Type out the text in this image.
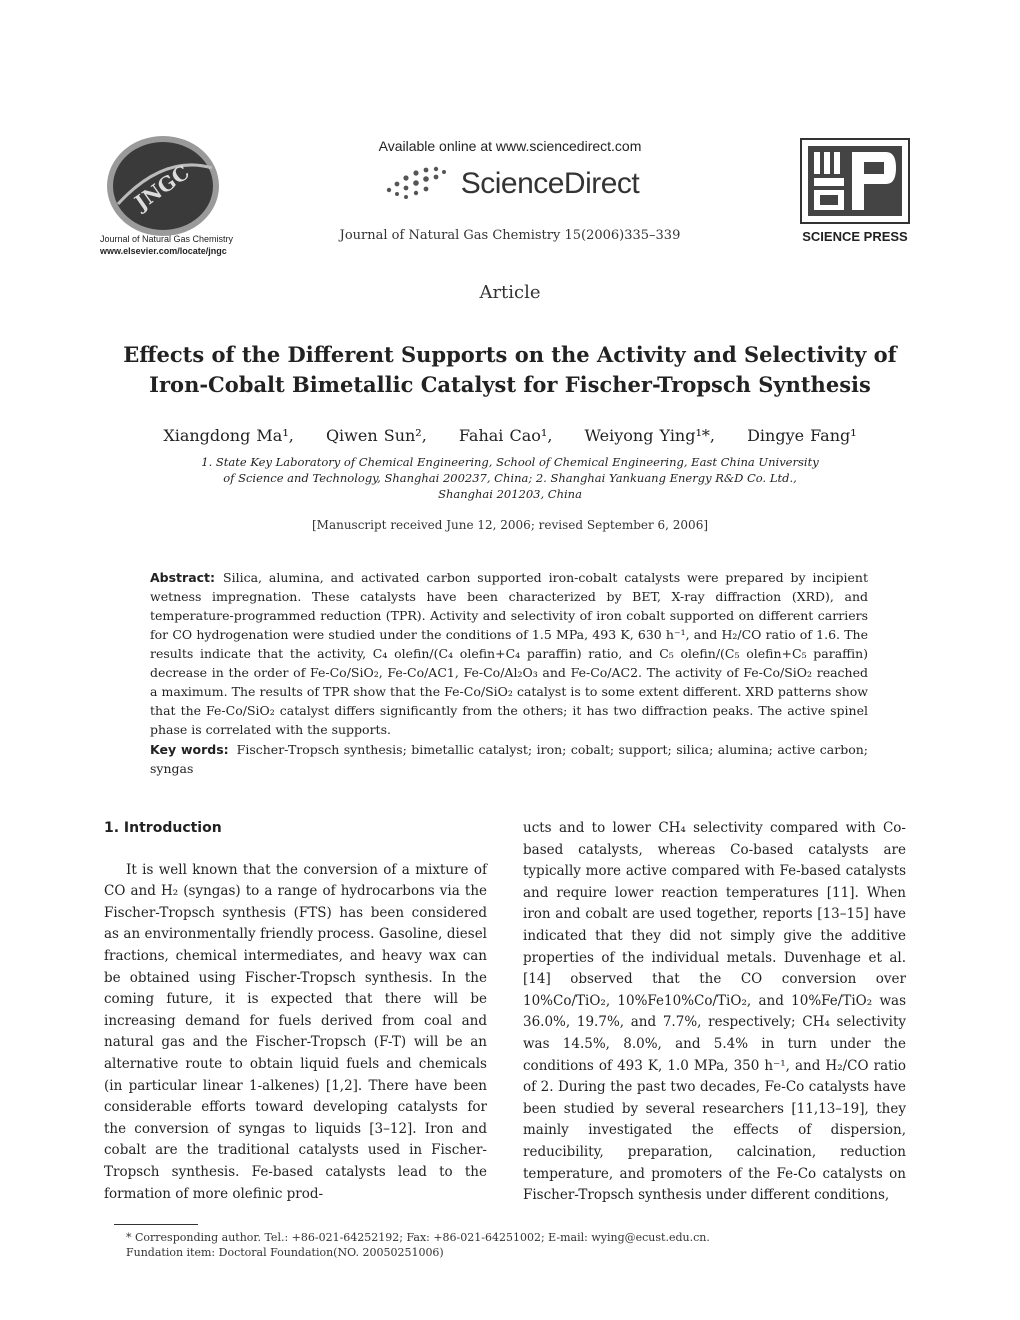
JNGC
Journal of Natural Gas Chemistry
www.elsevier.com/locate/jngc
Available online at www.sciencedirect.com
ScienceDirect
Journal of Natural Gas Chemistry 15(2006)335–339	SCIENCE PRESS
Article
Effects of the Different Supports on the Activity and Selectivity of
Iron-Cobalt Bimetallic Catalyst for Fischer-Tropsch Synthesis
Xiangdong Ma¹, Qiwen Sun², Fahai Cao¹, Weiyong Ying¹*, Dingye Fang¹
1. State Key Laboratory of Chemical Engineering, School of Chemical Engineering, East China University
of Science and Technology, Shanghai 200237, China; 2. Shanghai Yankuang Energy R&D Co. Ltd.,
Shanghai 201203, China
[Manuscript received June 12, 2006; revised September 6, 2006]
Abstract: Silica, alumina, and activated carbon supported iron-cobalt catalysts were prepared by incipient wetness impregnation. These catalysts have been characterized by BET, X-ray diffraction (XRD), and temperature-programmed reduction (TPR). Activity and selectivity of iron cobalt supported on different carriers for CO hydrogenation were studied under the conditions of 1.5 MPa, 493 K, 630 h⁻¹, and H₂/CO ratio of 1.6. The results indicate that the activity, C₄ olefin/(C₄ olefin+C₄ paraffin) ratio, and C₅ olefin/(C₅ olefin+C₅ paraffin) decrease in the order of Fe-Co/SiO₂, Fe-Co/AC1, Fe-Co/Al₂O₃ and Fe-Co/AC2. The activity of Fe-Co/SiO₂ reached a maximum. The results of TPR show that the Fe-Co/SiO₂ catalyst is to some extent different. XRD patterns show that the Fe-Co/SiO₂ catalyst differs significantly from the others; it has two diffraction peaks. The active spinel phase is correlated with the supports.
Key words: Fischer-Tropsch synthesis; bimetallic catalyst; iron; cobalt; support; silica; alumina; active carbon; syngas
1. Introduction

It is well known that the conversion of a mixture of CO and H₂ (syngas) to a range of hydrocarbons via the Fischer-Tropsch synthesis (FTS) has been considered as an environmentally friendly process. Gasoline, diesel fractions, chemical intermediates, and heavy wax can be obtained using Fischer-Tropsch synthesis. In the coming future, it is expected that there will be increasing demand for fuels derived from coal and natural gas and the Fischer-Tropsch (F-T) will be an alternative route to obtain liquid fuels and chemicals (in particular linear 1-alkenes) [1,2]. There have been considerable efforts toward developing catalysts for the conversion of syngas to liquids [3–12]. Iron and cobalt are the traditional catalysts used in Fischer-Tropsch synthesis. Fe-based catalysts lead to the formation of more olefinic prod-

ucts and to lower CH₄ selectivity compared with Co-based catalysts, whereas Co-based catalysts are typically more active compared with Fe-based catalysts and require lower reaction temperatures [11]. When iron and cobalt are used together, reports [13–15] have indicated that they did not simply give the additive properties of the individual metals. Duvenhage et al. [14] observed that the CO conversion over 10%Co/TiO₂, 10%Fe10%Co/TiO₂, and 10%Fe/TiO₂ was 36.0%, 19.7%, and 7.7%, respectively; CH₄ selectivity was 14.5%, 8.0%, and 5.4% in turn under the conditions of 493 K, 1.0 MPa, 350 h⁻¹, and H₂/CO ratio of 2. During the past two decades, Fe-Co catalysts have been studied by several researchers [11,13–19], they mainly investigated the effects of dispersion, reducibility, preparation, calcination, reduction temperature, and promoters of the Fe-Co catalysts on Fischer-Tropsch synthesis under different conditions,

* Corresponding author. Tel.: +86-021-64252192; Fax: +86-021-64251002; E-mail: wying@ecust.edu.cn.
Fundation item: Doctoral Foundation(NO. 20050251006)
